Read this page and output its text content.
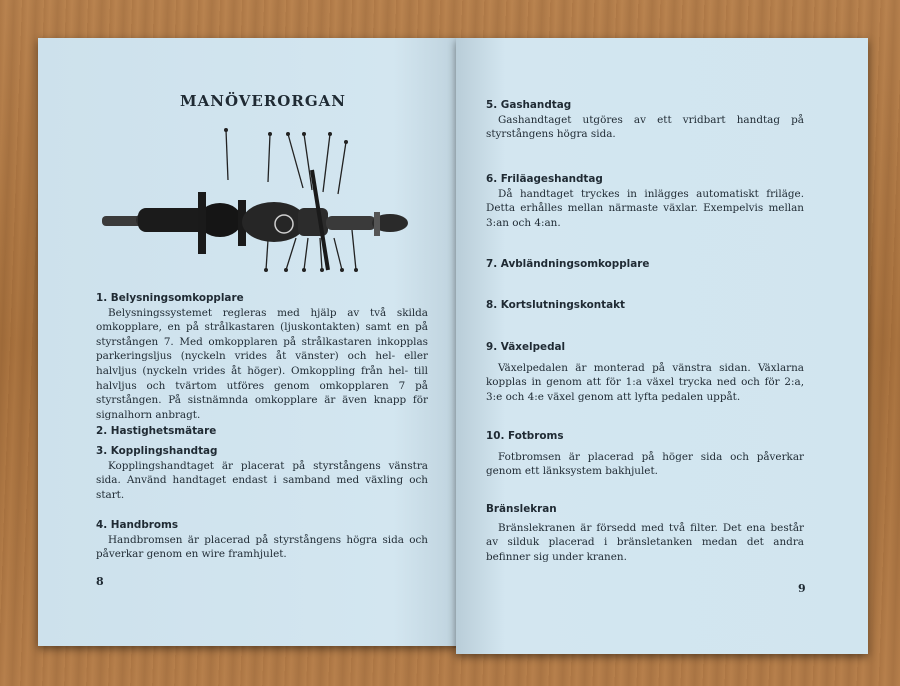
MANÖVERORGAN
1. Belysningsomkopplare

Belysningssystemet regleras med hjälp av två skilda omkopplare, en på strålkastaren (ljuskontakten) samt en på styrstången 7. Med omkopplaren på strålkastaren inkopplas parkeringsljus (nyckeln vrides åt vänster) och hel- eller halvljus (nyckeln vrides åt höger). Omkoppling från hel- till halvljus och tvärtom utföres genom omkopplaren 7 på styrstången. På sistnämnda omkopplare är även knapp för signalhorn anbragt.

2. Hastighetsmätare
3. Kopplingshandtag

Kopplingshandtaget är placerat på styrstångens vänstra sida. Använd handtaget endast i samband med växling och start.

4. Handbroms

Handbromsen är placerad på styrstångens högra sida och påverkar genom en wire framhjulet.

8
5. Gashandtag

Gashandtaget utgöres av ett vridbart handtag på styrstångens högra sida.

6. Friläageshandtag

Då handtaget tryckes in inlägges automatiskt friläge. Detta erhålles mellan närmaste växlar. Exempelvis mellan 3:an och 4:an.

7. Avbländningsomkopplare
8. Kortslutningskontakt
9. Växelpedal

Växelpedalen är monterad på vänstra sidan. Växlarna kopplas in genom att för 1:a växel trycka ned och för 2:a, 3:e och 4:e växel genom att lyfta pedalen uppåt.

10. Fotbroms

Fotbromsen är placerad på höger sida och påverkar genom ett länksystem bakhjulet.

Bränslekran

Bränslekranen är försedd med två filter. Det ena består av silduk placerad i bränsletanken medan det andra befinner sig under kranen.

9
